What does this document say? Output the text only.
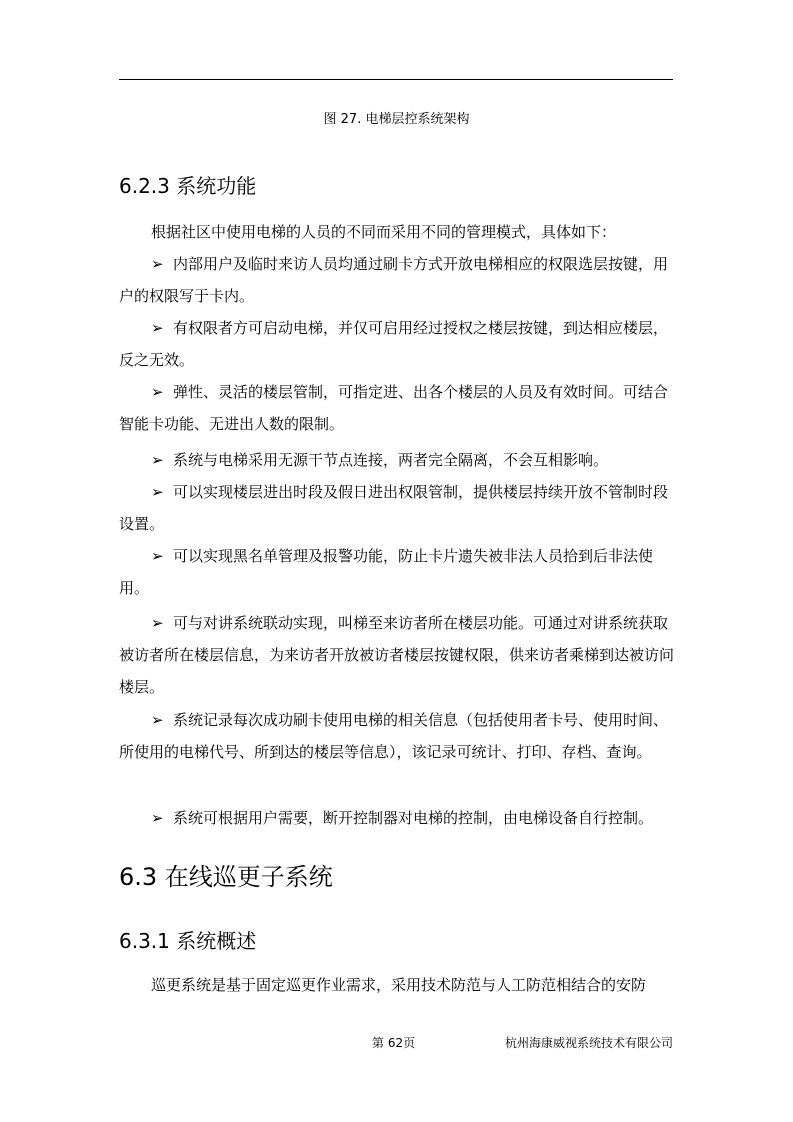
图 27. 电梯层控系统架构
6.2.3 系统功能
根据社区中使用电梯的人员的不同而采用不同的管理模式，具体如下：
➢ 内部用户及临时来访人员均通过刷卡方式开放电梯相应的权限选层按键，用户的权限写于卡内。
➢ 有权限者方可启动电梯，并仅可启用经过授权之楼层按键，到达相应楼层，反之无效。
➢ 弹性、灵活的楼层管制，可指定进、出各个楼层的人员及有效时间。可结合智能卡功能、无进出人数的限制。
➢ 系统与电梯采用无源干节点连接，两者完全隔离，不会互相影响。
➢ 可以实现楼层进出时段及假日进出权限管制，提供楼层持续开放不管制时段设置。
➢ 可以实现黑名单管理及报警功能，防止卡片遗失被非法人员拾到后非法使用。
➢ 可与对讲系统联动实现，叫梯至来访者所在楼层功能。可通过对讲系统获取被访者所在楼层信息，为来访者开放被访者楼层按键权限，供来访者乘梯到达被访问楼层。
➢ 系统记录每次成功刷卡使用电梯的相关信息（包括使用者卡号、使用时间、所使用的电梯代号、所到达的楼层等信息），该记录可统计、打印、存档、查询。
➢ 系统可根据用户需要，断开控制器对电梯的控制，由电梯设备自行控制。
6.3 在线巡更子系统
6.3.1 系统概述
巡更系统是基于固定巡更作业需求，采用技术防范与人工防范相结合的安防
第 62页	杭州海康威视系统技术有限公司
